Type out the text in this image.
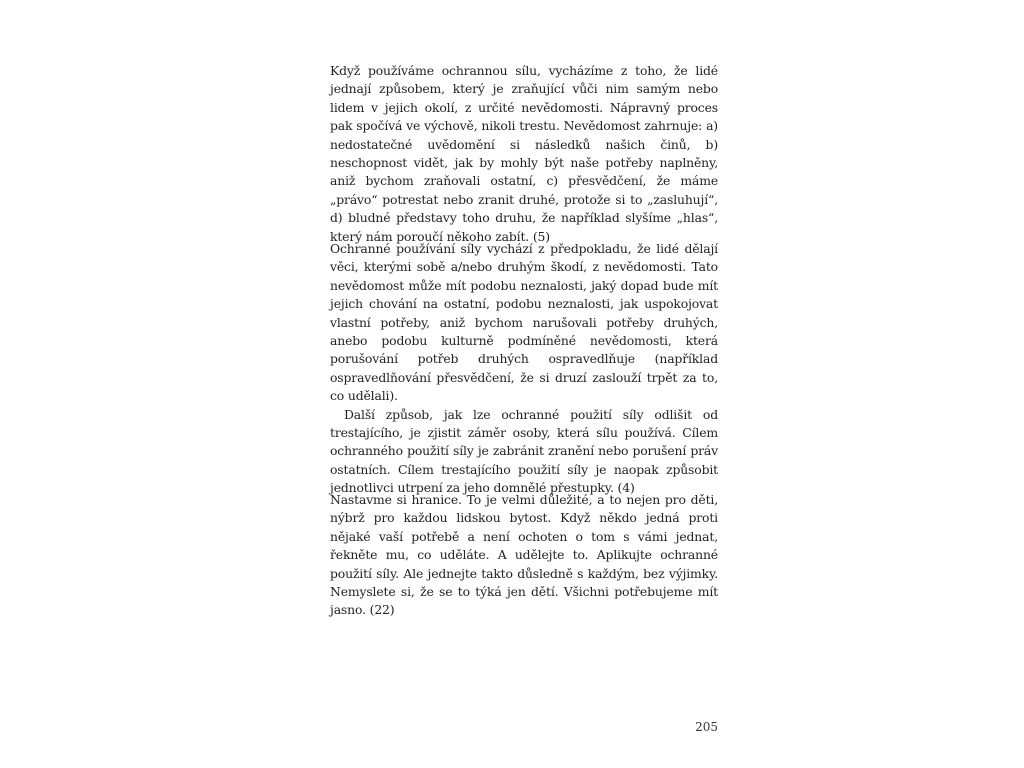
Když používáme ochrannou sílu, vycházíme z toho, že lidé jednají způsobem, který je zraňující vůči nim samým nebo lidem v jejich okolí, z určité nevědomosti. Nápravný proces pak spočívá ve výchově, nikoli trestu. Nevědomost zahrnuje: a) nedostatečné uvědomění si následků našich činů, b) neschopnost vidět, jak by mohly být naše potřeby naplněny, aniž bychom zraňovali ostatní, c) přesvědčení, že máme „právo“ potrestat nebo zranit druhé, protože si to „zasluhují“, d) bludné představy toho druhu, že například slyšíme „hlas“, který nám poroučí někoho zabít. (5)

Ochranné používání síly vychází z předpokladu, že lidé dělají věci, kterými sobě a/nebo druhým škodí, z nevědomosti. Tato nevědomost může mít podobu neznalosti, jaký dopad bude mít jejich chování na ostatní, podobu neznalosti, jak uspokojovat vlastní potřeby, aniž bychom narušovali potřeby druhých, anebo podobu kulturně podmíněné nevědomosti, která porušování potřeb druhých ospravedlňuje (například ospravedlňování přesvědčení, že si druzí zaslouží trpět za to, co udělali).

Další způsob, jak lze ochranné použití síly odlišit od trestajícího, je zjistit záměr osoby, která sílu používá. Cílem ochranného použití síly je zabránit zranění nebo porušení práv ostatních. Cílem trestajícího použití síly je naopak způsobit jednotlivci utrpení za jeho domnělé přestupky. (4)

Nastavme si hranice. To je velmi důležité, a to nejen pro děti, nýbrž pro každou lidskou bytost. Když někdo jedná proti nějaké vaší potřebě a není ochoten o tom s vámi jednat, řekněte mu, co uděláte. A udělejte to. Aplikujte ochranné použití síly. Ale jednejte takto důsledně s každým, bez výjimky. Nemyslete si, že se to týká jen dětí. Všichni potřebujeme mít jasno. (22)

205
